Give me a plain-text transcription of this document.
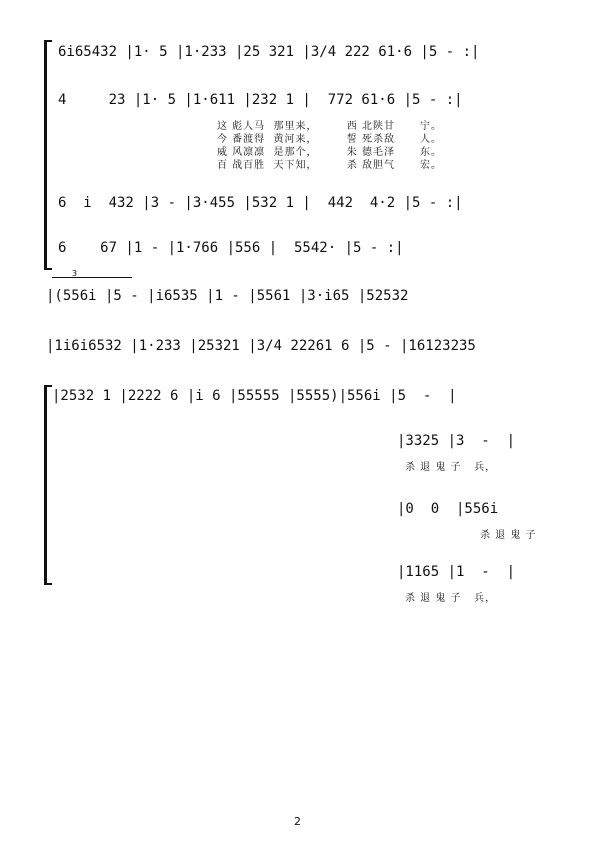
6i65432 |1· 5 |1·233 |25 321 |3/4 222 61·6 |5 - :|
4     23 |1· 5 |1·611 |232 1 |  772 61·6 |5 - :|
这 彪人马  那里来，       西 北陕甘      宁。
今 番渡得  黄河来，       誓 死杀敌      人。
威 风凛凛  是那个，       朱 德毛泽      东。
百 战百胜  天下知，       杀 敌胆气      宏。
6  i  432 |3 - |3·455 |532 1 |  442  4·2 |5 - :|
6    67 |1 - |1·766 |556 |  5542· |5 - :|
3
|(556i |5 - |i6535 |1 - |5561 |3·i65 |52532
|1i6i6532 |1·233 |25321 |3/4 22261 6 |5 - |16123235
|2532 1 |2222 6 |i 6 |55555 |5555)|556i |5  -  |
|3325 |3  -  |
杀 退 鬼 子   兵，
|0  0  |556i
杀 退 鬼 子
|1165 |1  -  |
杀 退 鬼 子   兵，
2
